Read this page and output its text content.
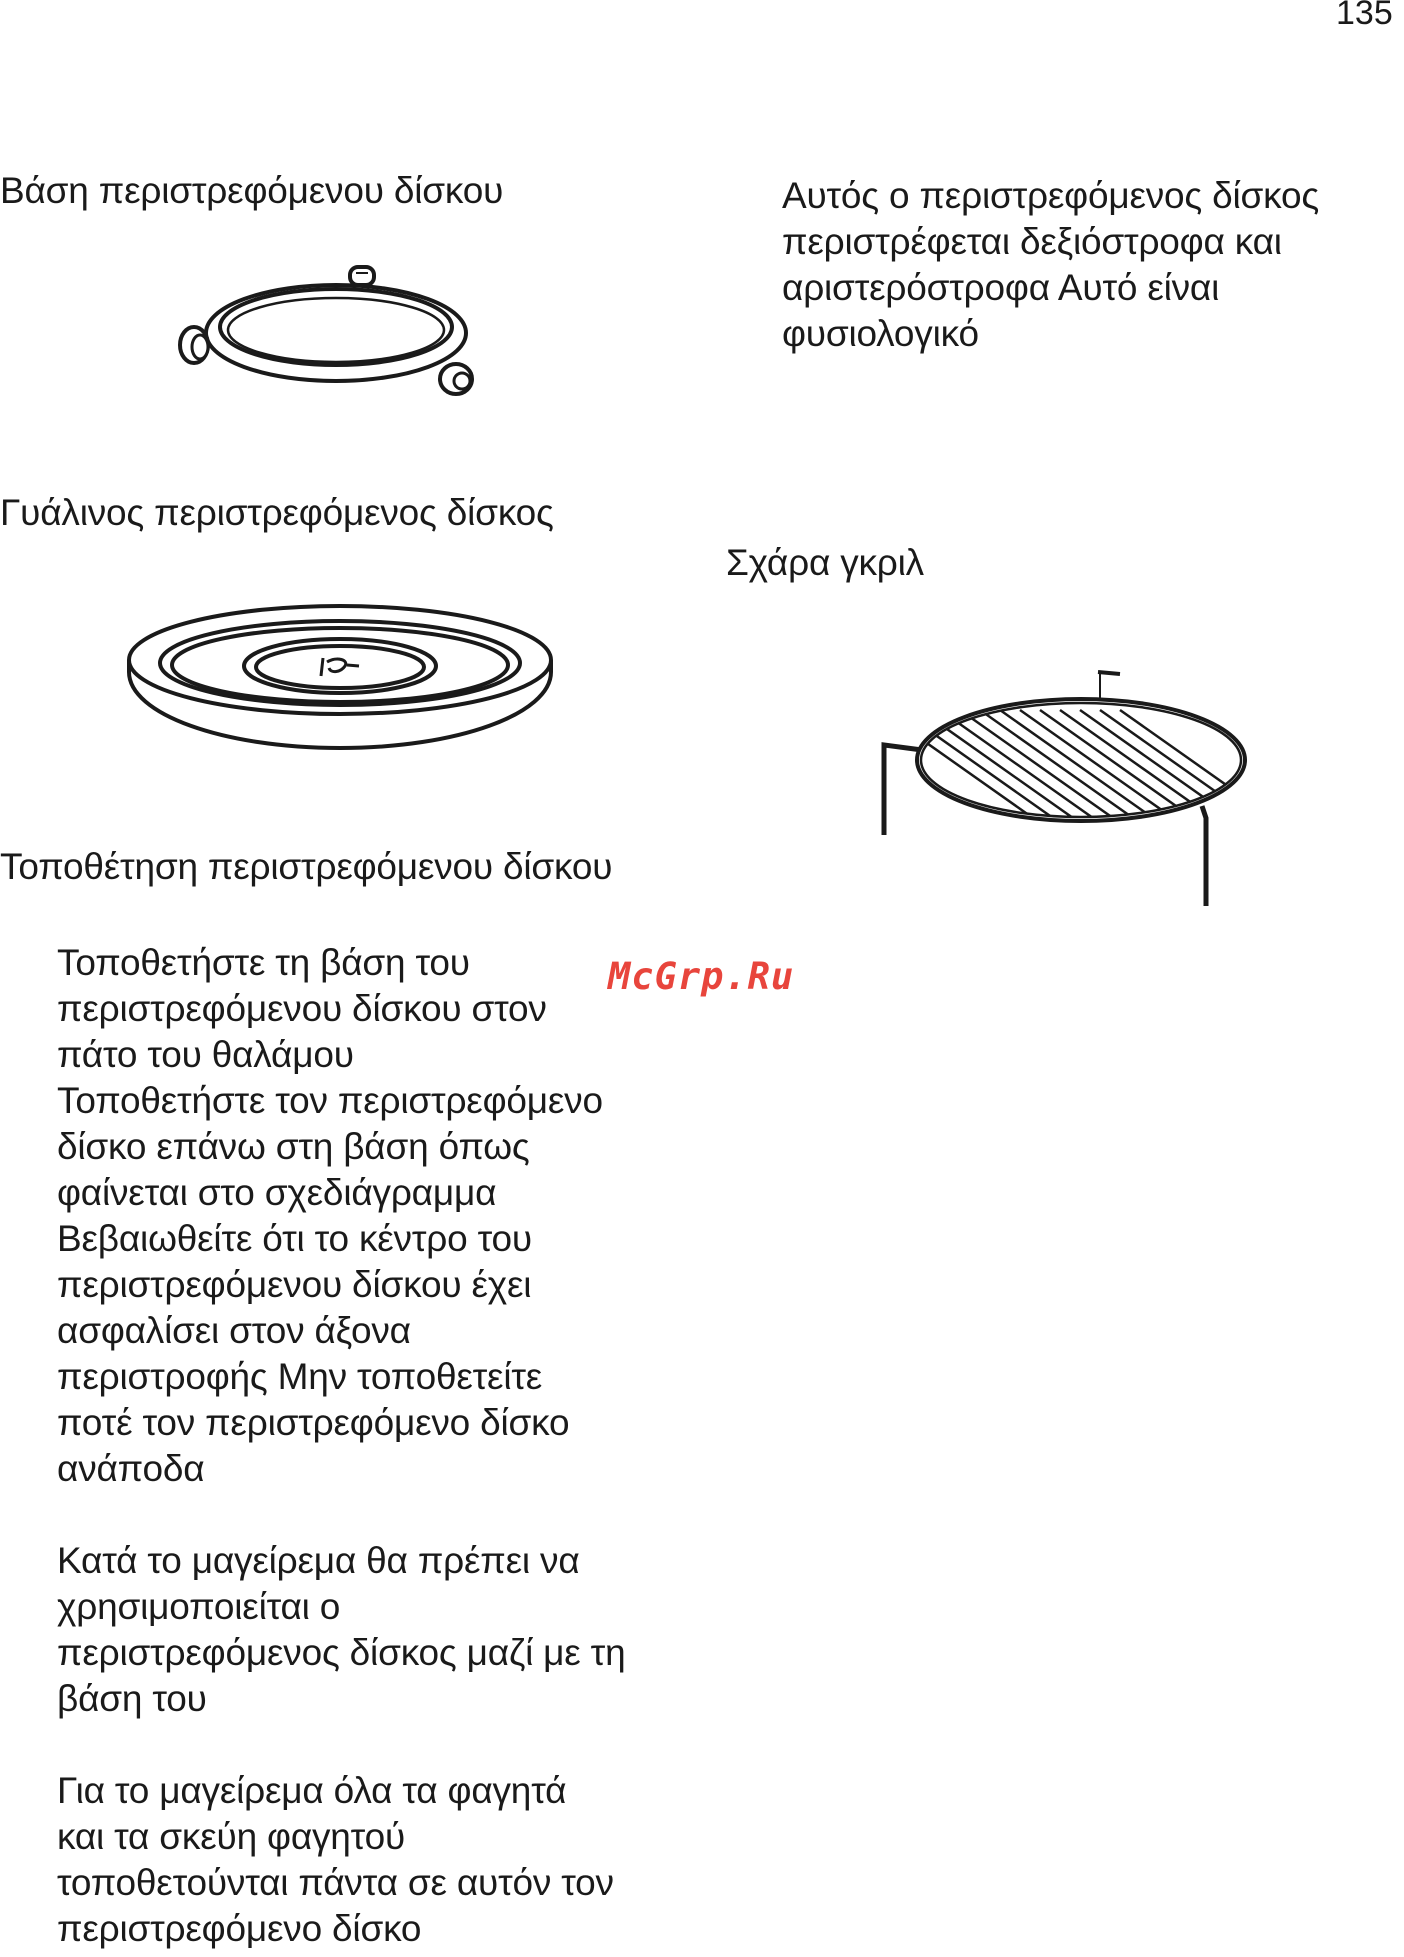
135
Βάση περιστρεφόμενου δίσκου
Γυάλινος περιστρεφόμενος δίσκος
Τοποθέτηση περιστρεφόμενου δίσκου
Αυτός ο περιστρεφόμενος δίσκος
περιστρέφεται δεξιόστροφα και
αριστερόστροφα Αυτό είναι
φυσιολογικό
Σχάρα γκριλ
Τοποθετήστε τη βάση του
περιστρεφόμενου δίσκου στον
πάτο του θαλάμου
Τοποθετήστε τον περιστρεφόμενο
δίσκο επάνω στη βάση όπως
φαίνεται στο σχεδιάγραμμα
Βεβαιωθείτε ότι το κέντρο του
περιστρεφόμενου δίσκου έχει
ασφαλίσει στον άξονα
περιστροφής Μην τοποθετείτε
ποτέ τον περιστρεφόμενο δίσκο
ανάποδα
Κατά το μαγείρεμα θα πρέπει να
χρησιμοποιείται ο
περιστρεφόμενος δίσκος μαζί με τη
βάση του
Για το μαγείρεμα όλα τα φαγητά
και τα σκεύη φαγητού
τοποθετούνται πάντα σε αυτόν τον
περιστρεφόμενο δίσκο
McGrp.Ru
